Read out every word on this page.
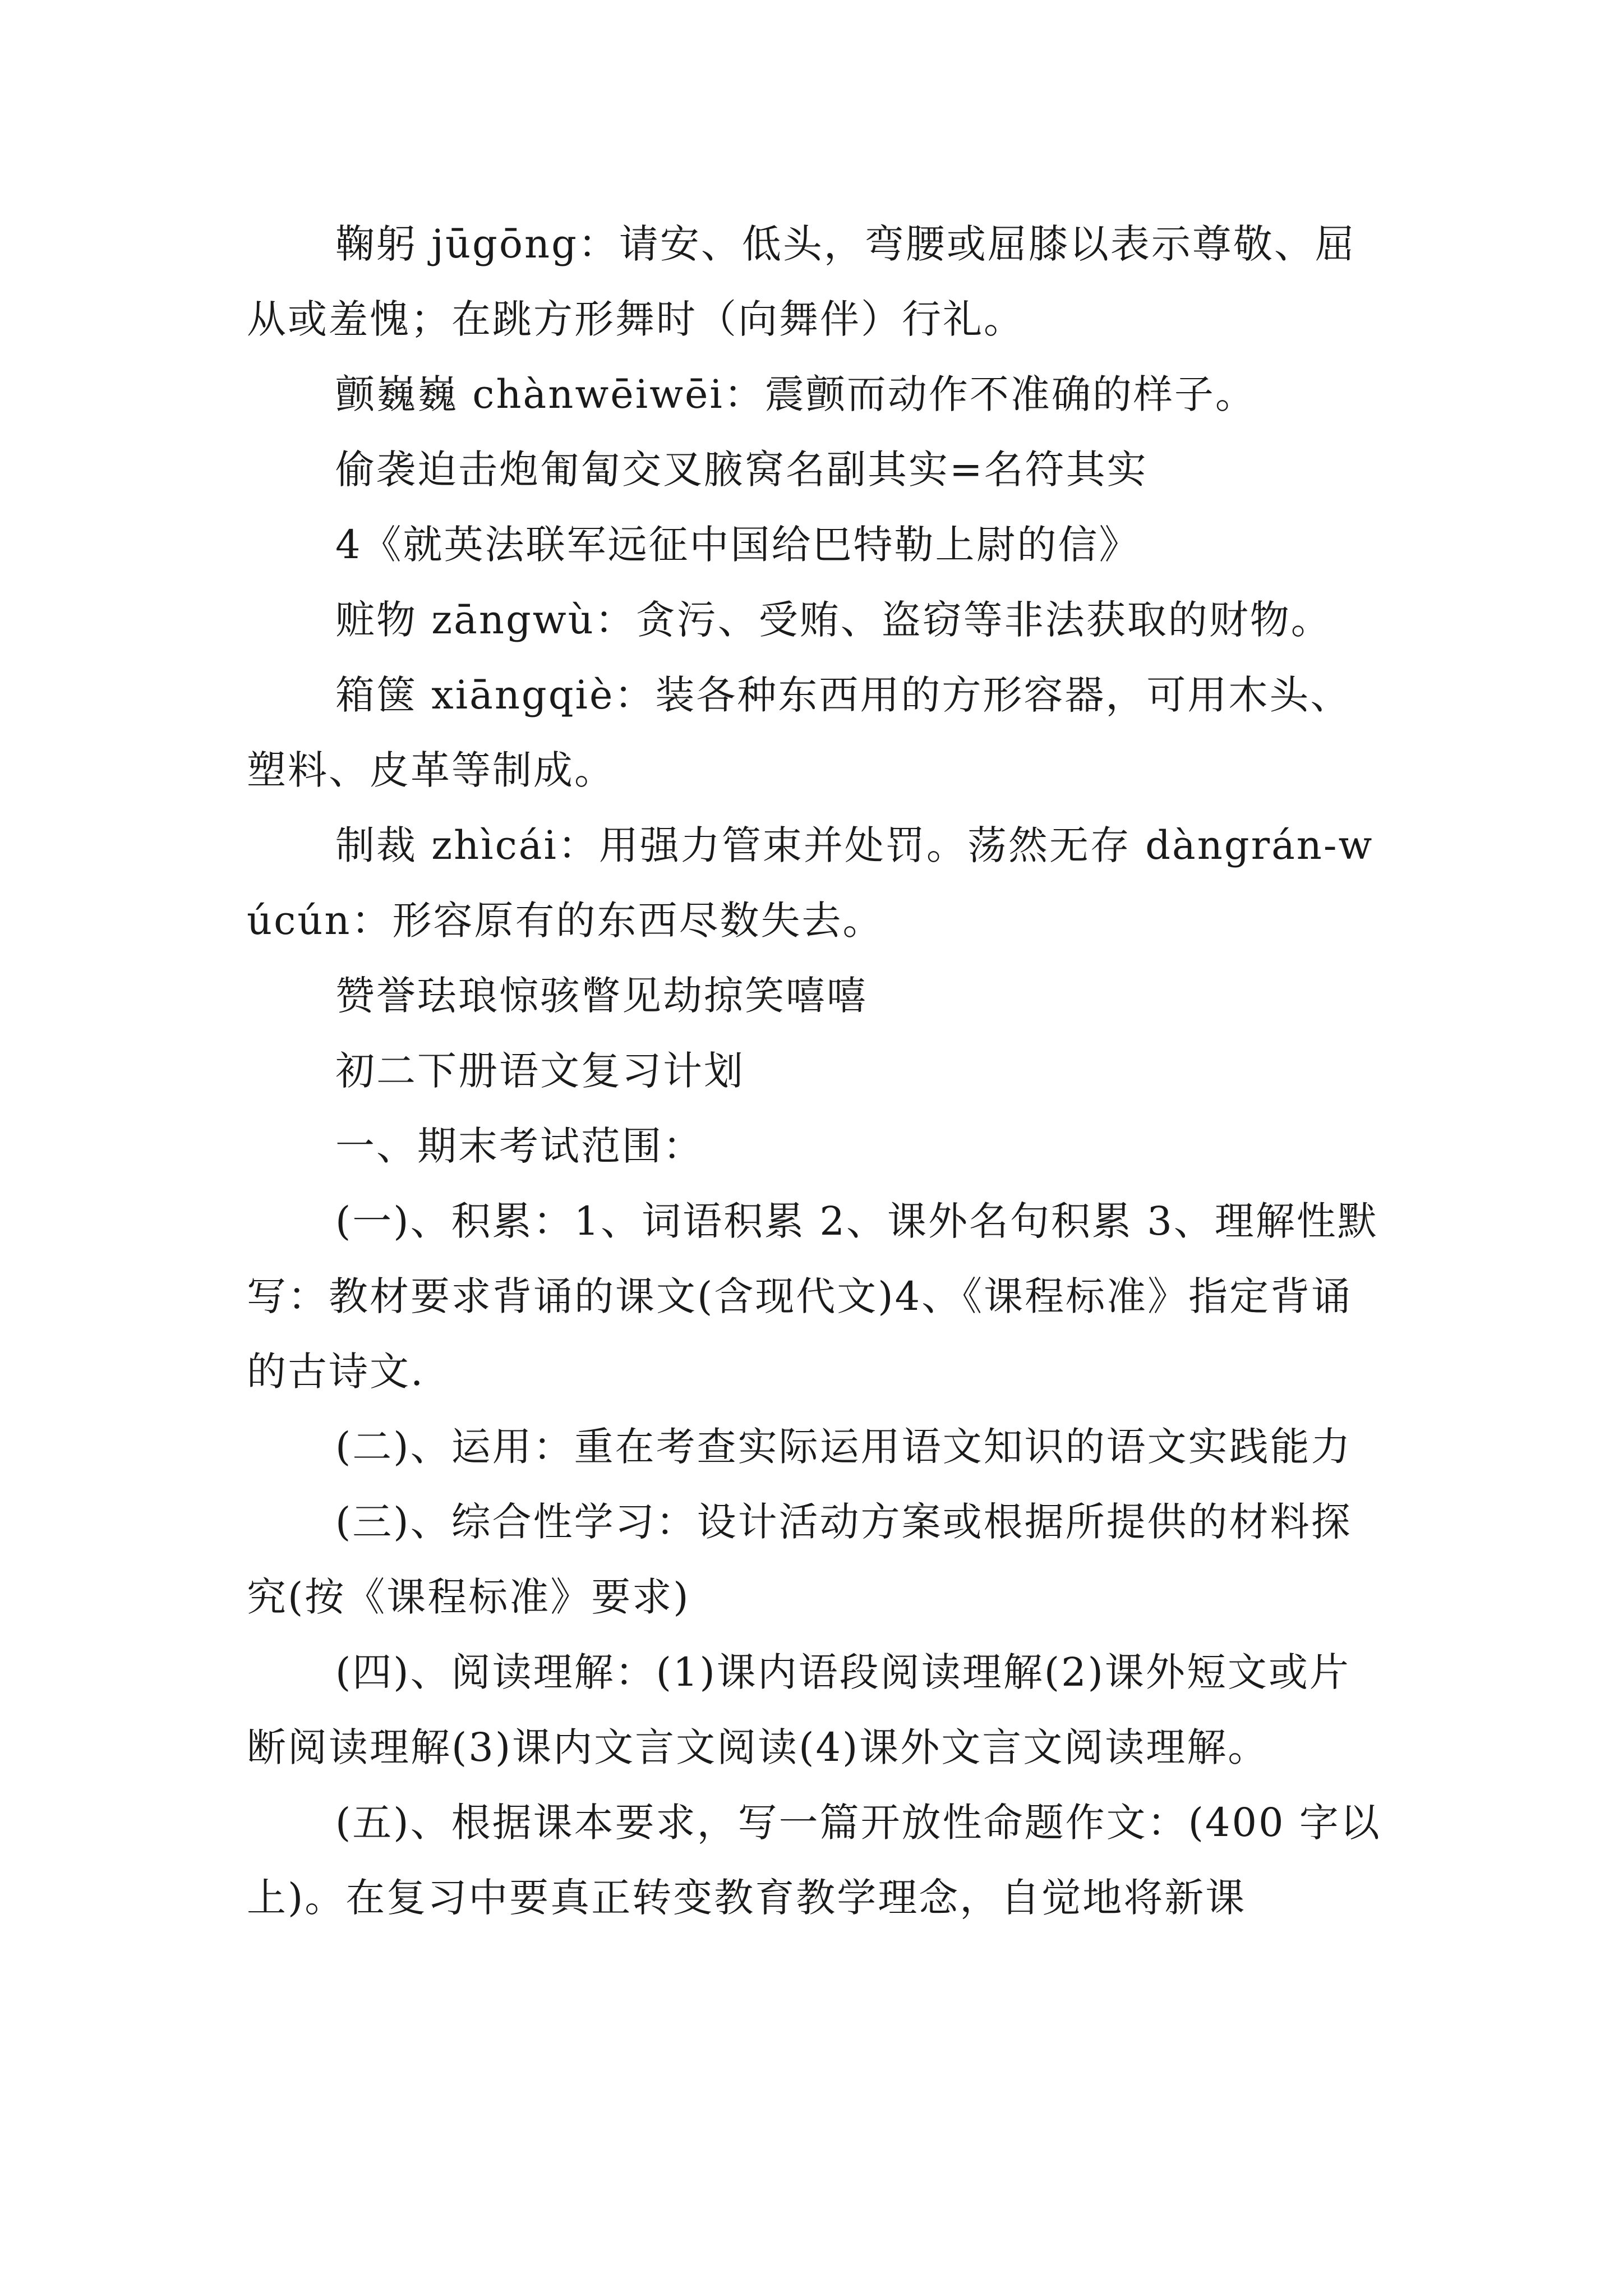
鞠躬 jūgōng：请安、低头，弯腰或屈膝以表示尊敬、屈从或羞愧；在跳方形舞时（向舞伴）行礼。

颤巍巍 chànwēiwēi：震颤而动作不准确的样子。

偷袭迫击炮匍匐交叉腋窝名副其实=名符其实

4《就英法联军远征中国给巴特勒上尉的信》

赃物 zāngwù：贪污、受贿、盗窃等非法获取的财物。

箱箧 xiāngqiè：装各种东西用的方形容器，可用木头、塑料、皮革等制成。

制裁 zhìcái：用强力管束并处罚。荡然无存 dàngrán-wúcún：形容原有的东西尽数失去。

赞誉珐琅惊骇瞥见劫掠笑嘻嘻

初二下册语文复习计划

一、期末考试范围：

(一)、积累：1、词语积累 2、课外名句积累 3、理解性默写：教材要求背诵的课文(含现代文)4、《课程标准》指定背诵的古诗文.

(二)、运用：重在考查实际运用语文知识的语文实践能力

(三)、综合性学习：设计活动方案或根据所提供的材料探究(按《课程标准》要求)

(四)、阅读理解：(1)课内语段阅读理解(2)课外短文或片断阅读理解(3)课内文言文阅读(4)课外文言文阅读理解。

(五)、根据课本要求，写一篇开放性命题作文：(400 字以上)。在复习中要真正转变教育教学理念，自觉地将新课
